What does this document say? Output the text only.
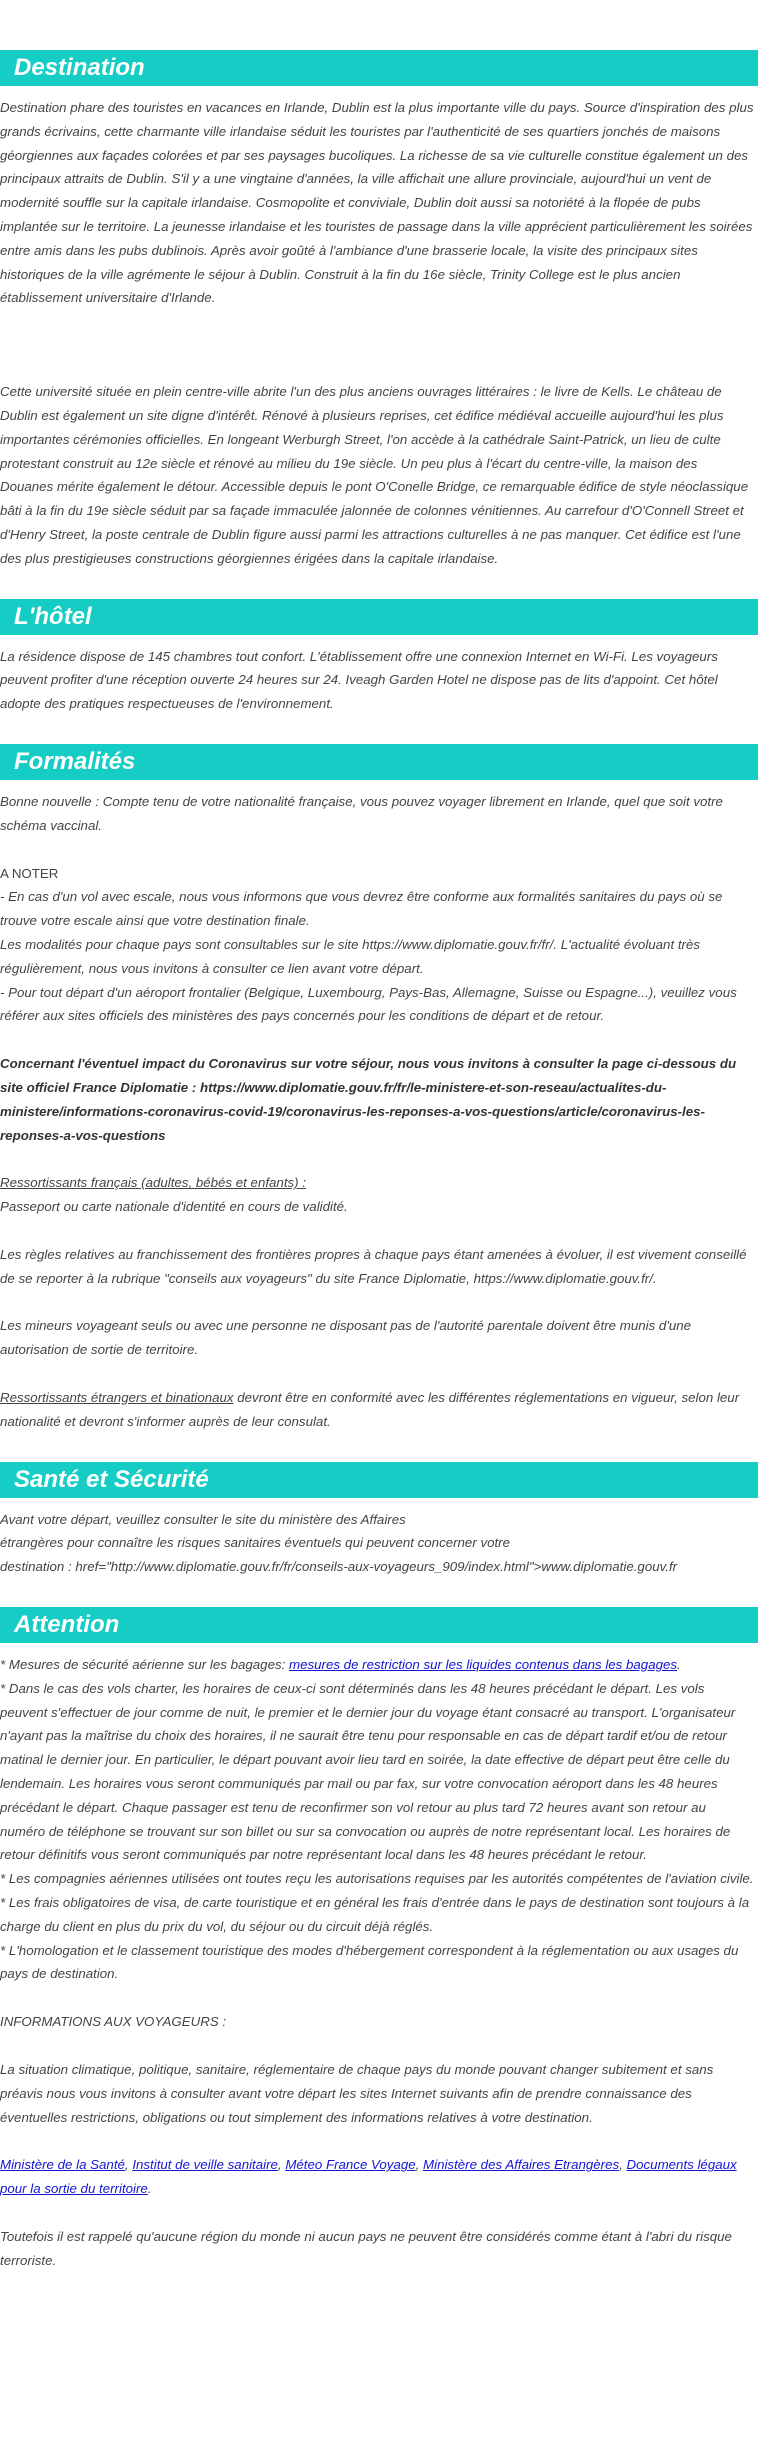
Destination

Destination phare des touristes en vacances en Irlande, Dublin est la plus importante ville du pays. Source d'inspiration des plus grands écrivains, cette charmante ville irlandaise séduit les touristes par l'authenticité de ses quartiers jonchés de maisons géorgiennes aux façades colorées et par ses paysages bucoliques. La richesse de sa vie culturelle constitue également un des principaux attraits de Dublin. S'il y a une vingtaine d'années, la ville affichait une allure provinciale, aujourd'hui un vent de modernité souffle sur la capitale irlandaise. Cosmopolite et conviviale, Dublin doit aussi sa notoriété à la flopée de pubs implantée sur le territoire. La jeunesse irlandaise et les touristes de passage dans la ville apprécient particulièrement les soirées entre amis dans les pubs dublinois. Après avoir goûté à l'ambiance d'une brasserie locale, la visite des principaux sites historiques de la ville agrémente le séjour à Dublin. Construit à la fin du 16e siècle, Trinity College est le plus ancien établissement universitaire d'Irlande.

Cette université située en plein centre-ville abrite l'un des plus anciens ouvrages littéraires : le livre de Kells. Le château de Dublin est également un site digne d'intérêt. Rénové à plusieurs reprises, cet édifice médiéval accueille aujourd'hui les plus importantes cérémonies officielles. En longeant Werburgh Street, l'on accède à la cathédrale Saint-Patrick, un lieu de culte protestant construit au 12e siècle et rénové au milieu du 19e siècle. Un peu plus à l'écart du centre-ville, la maison des Douanes mérite également le détour. Accessible depuis le pont O'Conelle Bridge, ce remarquable édifice de style néoclassique bâti à la fin du 19e siècle séduit par sa façade immaculée jalonnée de colonnes vénitiennes. Au carrefour d'O'Connell Street et d'Henry Street, la poste centrale de Dublin figure aussi parmi les attractions culturelles à ne pas manquer. Cet édifice est l'une des plus prestigieuses constructions géorgiennes érigées dans la capitale irlandaise.

L'hôtel

La résidence dispose de 145 chambres tout confort. L'établissement offre une connexion Internet en Wi-Fi. Les voyageurs peuvent profiter d'une réception ouverte 24 heures sur 24. Iveagh Garden Hotel ne dispose pas de lits d'appoint. Cet hôtel adopte des pratiques respectueuses de l'environnement.

Formalités

Bonne nouvelle : Compte tenu de votre nationalité française, vous pouvez voyager librement en Irlande, quel que soit votre schéma vaccinal.

A NOTER

- En cas d'un vol avec escale, nous vous informons que vous devrez être conforme aux formalités sanitaires du pays où se trouve votre escale ainsi que votre destination finale.

Les modalités pour chaque pays sont consultables sur le site https://www.diplomatie.gouv.fr/fr/. L'actualité évoluant très régulièrement, nous vous invitons à consulter ce lien avant votre départ.

- Pour tout départ d'un aéroport frontalier (Belgique, Luxembourg, Pays-Bas, Allemagne, Suisse ou Espagne...), veuillez vous référer aux sites officiels des ministères des pays concernés pour les conditions de départ et de retour.

Concernant l'éventuel impact du Coronavirus sur votre séjour, nous vous invitons à consulter la page ci-dessous du site officiel France Diplomatie : https://www.diplomatie.gouv.fr/fr/le-ministere-et-son-reseau/actualites-du-ministere/informations-coronavirus-covid-19/coronavirus-les-reponses-a-vos-questions/article/coronavirus-les-reponses-a-vos-questions

Ressortissants français (adultes, bébés et enfants) :

Passeport ou carte nationale d'identité en cours de validité.

Les règles relatives au franchissement des frontières propres à chaque pays étant amenées à évoluer, il est vivement conseillé de se reporter à la rubrique "conseils aux voyageurs" du site France Diplomatie, https://www.diplomatie.gouv.fr/.

Les mineurs voyageant seuls ou avec une personne ne disposant pas de l'autorité parentale doivent être munis d'une autorisation de sortie de territoire.

Ressortissants étrangers et binationaux devront être en conformité avec les différentes réglementations en vigueur, selon leur nationalité et devront s'informer auprès de leur consulat.

Santé et Sécurité

Avant votre départ, veuillez consulter le site du ministère des Affaires

étrangères pour connaître les risques sanitaires éventuels qui peuvent concerner votre

destination : href="http://www.diplomatie.gouv.fr/fr/conseils-aux-voyageurs_909/index.html">www.diplomatie.gouv.fr

Attention

* Mesures de sécurité aérienne sur les bagages: mesures de restriction sur les liquides contenus dans les bagages.

* Dans le cas des vols charter, les horaires de ceux-ci sont déterminés dans les 48 heures précédant le départ. Les vols peuvent s'effectuer de jour comme de nuit, le premier et le dernier jour du voyage étant consacré au transport. L'organisateur n'ayant pas la maîtrise du choix des horaires, il ne saurait être tenu pour responsable en cas de départ tardif et/ou de retour matinal le dernier jour. En particulier, le départ pouvant avoir lieu tard en soirée, la date effective de départ peut être celle du lendemain. Les horaires vous seront communiqués par mail ou par fax, sur votre convocation aéroport dans les 48 heures précédant le départ. Chaque passager est tenu de reconfirmer son vol retour au plus tard 72 heures avant son retour au numéro de téléphone se trouvant sur son billet ou sur sa convocation ou auprès de notre représentant local. Les horaires de retour définitifs vous seront communiqués par notre représentant local dans les 48 heures précédant le retour.

* Les compagnies aériennes utilisées ont toutes reçu les autorisations requises par les autorités compétentes de l'aviation civile.

* Les frais obligatoires de visa, de carte touristique et en général les frais d'entrée dans le pays de destination sont toujours à la charge du client en plus du prix du vol, du séjour ou du circuit déjà réglés.

* L'homologation et le classement touristique des modes d'hébergement correspondent à la réglementation ou aux usages du pays de destination.

INFORMATIONS AUX VOYAGEURS :

La situation climatique, politique, sanitaire, réglementaire de chaque pays du monde pouvant changer subitement et sans préavis nous vous invitons à consulter avant votre départ les sites Internet suivants afin de prendre connaissance des éventuelles restrictions, obligations ou tout simplement des informations relatives à votre destination.

Ministère de la Santé, Institut de veille sanitaire, Méteo France Voyage, Ministère des Affaires Etrangères, Documents légaux pour la sortie du territoire.

Toutefois il est rappelé qu'aucune région du monde ni aucun pays ne peuvent être considérés comme étant à l'abri du risque terroriste.
